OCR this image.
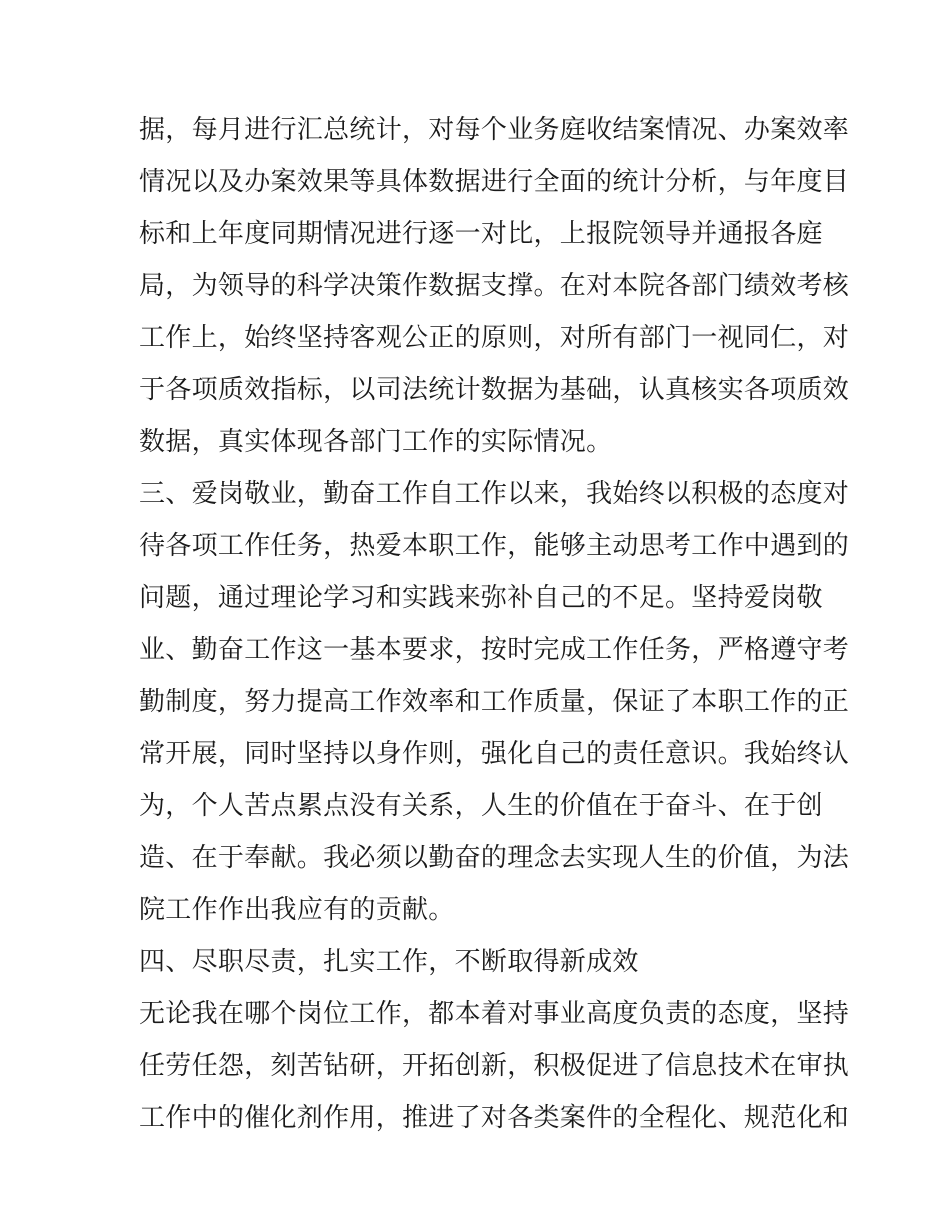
据，每月进行汇总统计，对每个业务庭收结案情况、办案效率
情况以及办案效果等具体数据进行全面的统计分析，与年度目
标和上年度同期情况进行逐一对比，上报院领导并通报各庭
局，为领导的科学决策作数据支撑。在对本院各部门绩效考核
工作上，始终坚持客观公正的原则，对所有部门一视同仁，对
于各项质效指标，以司法统计数据为基础，认真核实各项质效
数据，真实体现各部门工作的实际情况。
三、爱岗敬业，勤奋工作自工作以来，我始终以积极的态度对
待各项工作任务，热爱本职工作，能够主动思考工作中遇到的
问题，通过理论学习和实践来弥补自己的不足。坚持爱岗敬
业、勤奋工作这一基本要求，按时完成工作任务，严格遵守考
勤制度，努力提高工作效率和工作质量，保证了本职工作的正
常开展，同时坚持以身作则，强化自己的责任意识。我始终认
为，个人苦点累点没有关系，人生的价值在于奋斗、在于创
造、在于奉献。我必须以勤奋的理念去实现人生的价值，为法
院工作作出我应有的贡献。
四、尽职尽责，扎实工作，不断取得新成效
无论我在哪个岗位工作，都本着对事业高度负责的态度，坚持
任劳任怨，刻苦钻研，开拓创新，积极促进了信息技术在审执
工作中的催化剂作用，推进了对各类案件的全程化、规范化和
